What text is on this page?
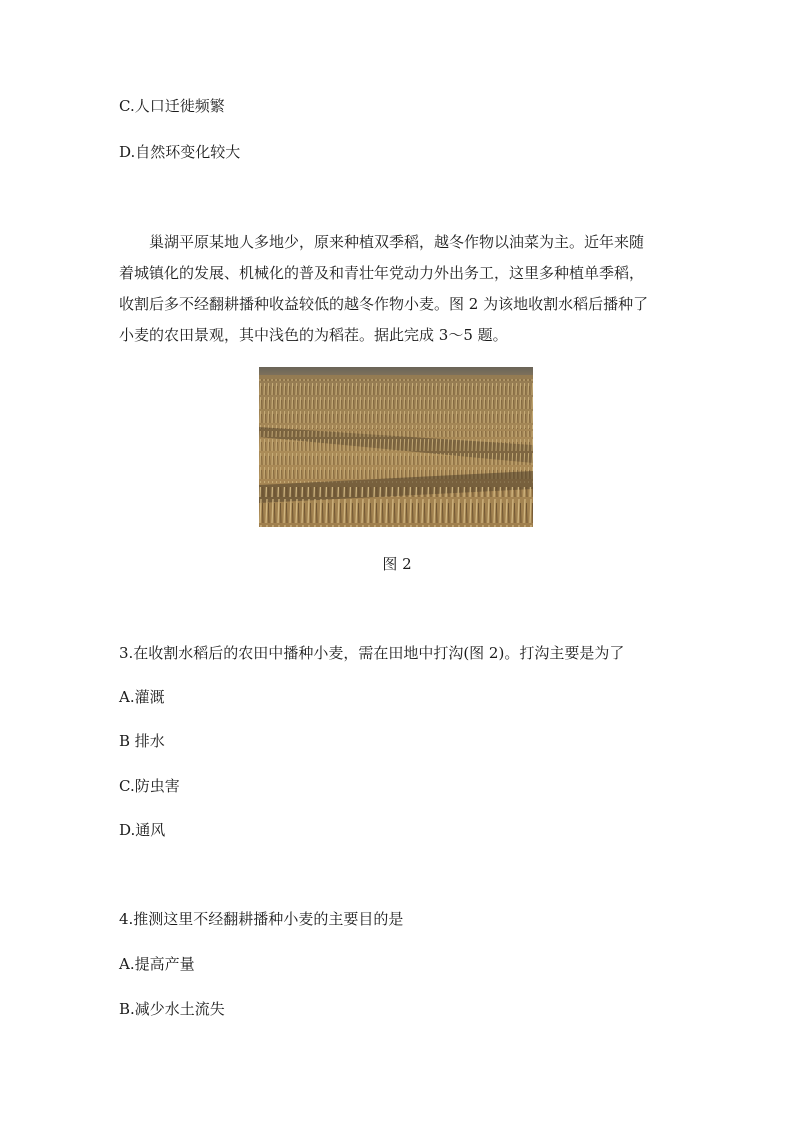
C.人口迁徙频繁
D.自然环变化较大
巢湖平原某地人多地少，原来种植双季稻，越冬作物以油菜为主。近年来随
着城镇化的发展、机械化的普及和青壮年党动力外出务工，这里多种植单季稻，
收割后多不经翻耕播种收益较低的越冬作物小麦。图 2 为该地收割水稻后播种了
小麦的农田景观，其中浅色的为稻茬。据此完成 3～5 题。
图 2
3.在收割水稻后的农田中播种小麦，需在田地中打沟(图 2)。打沟主要是为了
A.灌溉
B 排水
C.防虫害
D.通风
4.推测这里不经翻耕播种小麦的主要目的是
A.提高产量
B.减少水土流失
